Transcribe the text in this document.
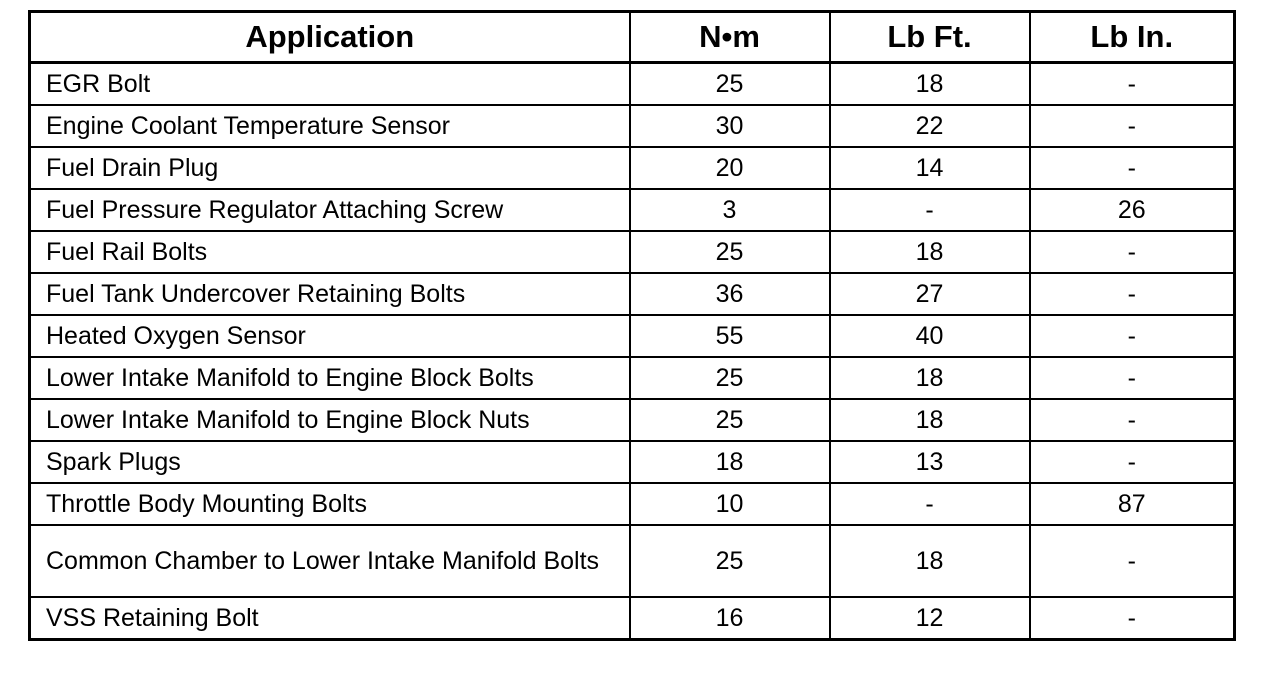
Application	N•m	Lb Ft.	Lb In.
EGR Bolt	25	18	-
Engine Coolant Temperature Sensor	30	22	-
Fuel Drain Plug	20	14	-
Fuel Pressure Regulator Attaching Screw	3	-	26
Fuel Rail Bolts	25	18	-
Fuel Tank Undercover Retaining Bolts	36	27	-
Heated Oxygen Sensor	55	40	-
Lower Intake Manifold to Engine Block Bolts	25	18	-
Lower Intake Manifold to Engine Block Nuts	25	18	-
Spark Plugs	18	13	-
Throttle Body Mounting Bolts	10	-	87
Common Chamber to Lower Intake Manifold Bolts	25	18	-
VSS Retaining Bolt	16	12	-
